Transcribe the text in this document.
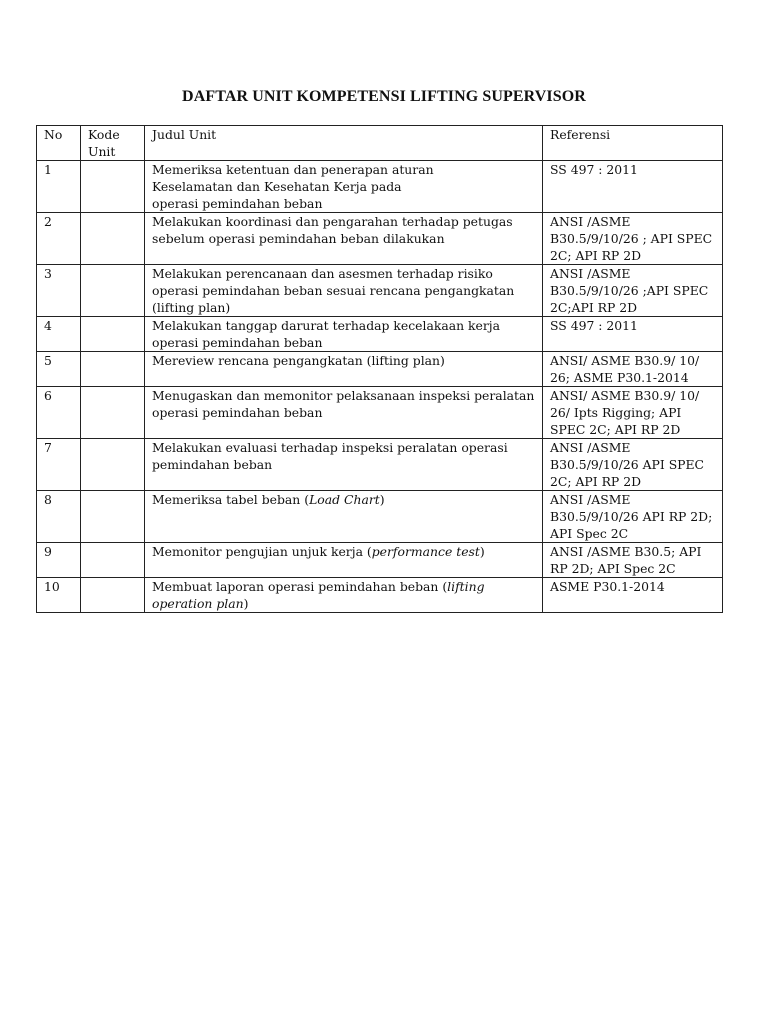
DAFTAR UNIT KOMPETENSI LIFTING SUPERVISOR
No	Kode Unit	Judul Unit	Referensi
1		Memeriksa ketentuan dan penerapan aturan Keselamatan dan Kesehatan Kerja pada operasi pemindahan beban	SS 497 : 2011
2		Melakukan koordinasi dan pengarahan terhadap petugas sebelum operasi pemindahan beban dilakukan	ANSI /ASME B30.5/9/10/26 ; API SPEC 2C; API RP 2D
3		Melakukan perencanaan dan asesmen terhadap risiko operasi pemindahan beban sesuai rencana pengangkatan (lifting plan)	ANSI /ASME B30.5/9/10/26 ;API SPEC 2C;API RP 2D
4		Melakukan tanggap darurat terhadap kecelakaan kerja operasi pemindahan beban	SS 497 : 2011
5		Mereview rencana pengangkatan (lifting plan)	ANSI/ ASME B30.9/ 10/ 26; ASME P30.1-2014
6		Menugaskan dan memonitor pelaksanaan inspeksi peralatan operasi pemindahan beban	ANSI/ ASME B30.9/ 10/ 26/ Ipts Rigging; API SPEC 2C; API RP 2D
7		Melakukan evaluasi terhadap inspeksi peralatan operasi pemindahan beban	ANSI /ASME B30.5/9/10/26 API SPEC 2C; API RP 2D
8		Memeriksa tabel beban (Load Chart)	ANSI /ASME B30.5/9/10/26 API RP 2D; API Spec 2C
9		Memonitor pengujian unjuk kerja (performance test)	ANSI /ASME B30.5; API RP 2D; API Spec 2C
10		Membuat laporan operasi pemindahan beban (lifting operation plan)	ASME P30.1-2014
